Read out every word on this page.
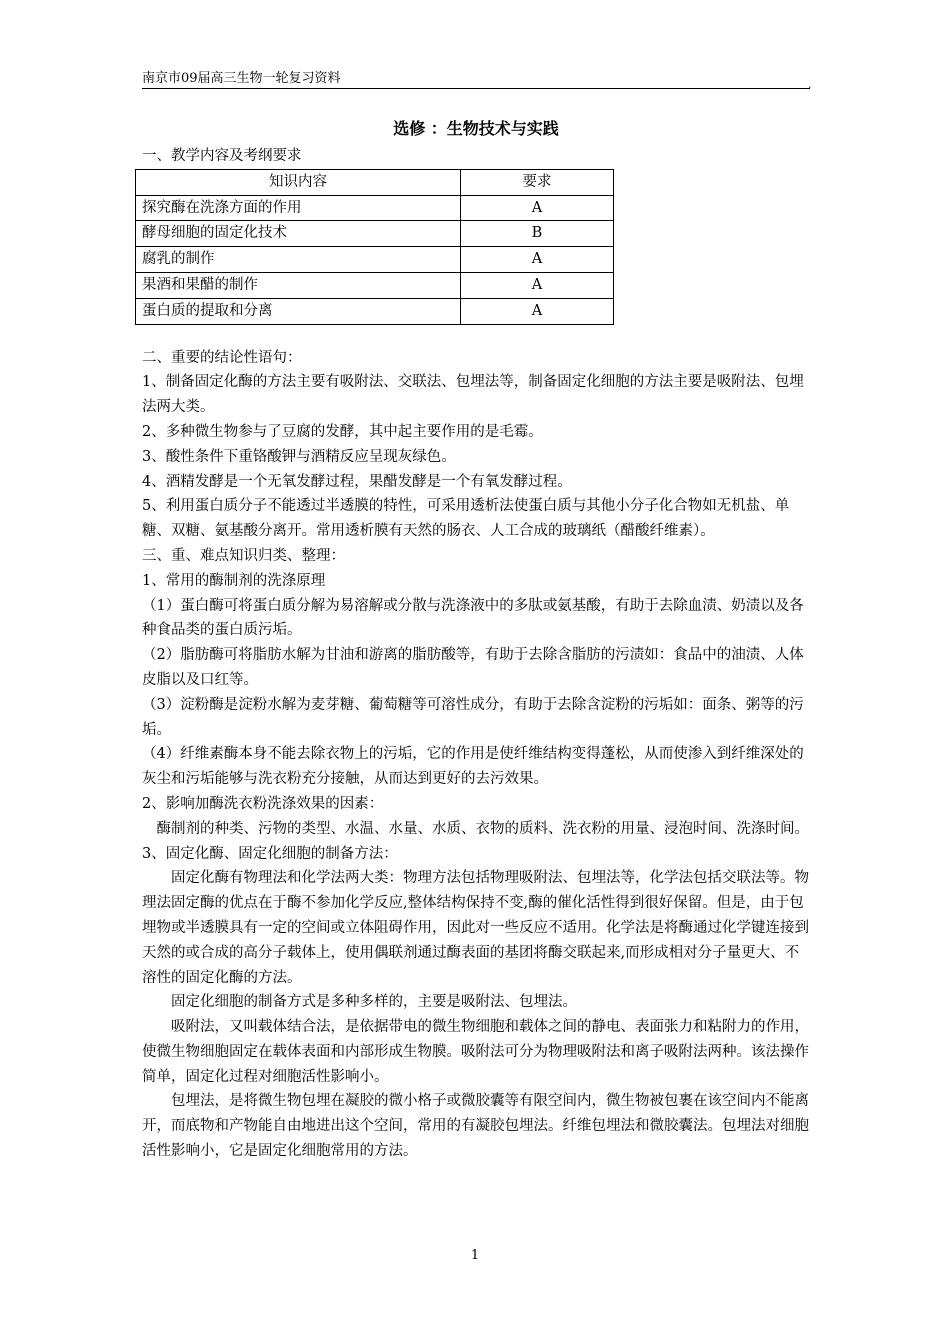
南京市09届高三生物一轮复习资料	,
选修 ：生物技术与实践

一、教学内容及考纲要求

知识内容	要求
探究酶在洗涤方面的作用	A
酵母细胞的固定化技术	B
腐乳的制作	A
果酒和果醋的制作	A
蛋白质的提取和分离	A

二、重要的结论性语句：

1、制备固定化酶的方法主要有吸附法、交联法、包埋法等，制备固定化细胞的方法主要是吸附法、包埋法两大类。

2、多种微生物参与了豆腐的发酵，其中起主要作用的是毛霉。

3、酸性条件下重铬酸钾与酒精反应呈现灰绿色。

4、酒精发酵是一个无氧发酵过程，果醋发酵是一个有氧发酵过程。

5、利用蛋白质分子不能透过半透膜的特性，可采用透析法使蛋白质与其他小分子化合物如无机盐、单糖、双糖、氨基酸分离开。常用透析膜有天然的肠衣、人工合成的玻璃纸（醋酸纤维素）。

三、重、难点知识归类、整理：

1、常用的酶制剂的洗涤原理

（1）蛋白酶可将蛋白质分解为易溶解或分散与洗涤液中的多肽或氨基酸，有助于去除血渍、奶渍以及各种食品类的蛋白质污垢。

（2）脂肪酶可将脂肪水解为甘油和游离的脂肪酸等，有助于去除含脂肪的污渍如：食品中的油渍、人体皮脂以及口红等。

（3）淀粉酶是淀粉水解为麦芽糖、葡萄糖等可溶性成分，有助于去除含淀粉的污垢如：面条、粥等的污垢。

（4）纤维素酶本身不能去除衣物上的污垢，它的作用是使纤维结构变得蓬松，从而使渗入到纤维深处的灰尘和污垢能够与洗衣粉充分接触，从而达到更好的去污效果。

2、影响加酶洗衣粉洗涤效果的因素：

酶制剂的种类、污物的类型、水温、水量、水质、衣物的质料、洗衣粉的用量、浸泡时间、洗涤时间。

3、固定化酶、固定化细胞的制备方法：

固定化酶有物理法和化学法两大类：物理方法包括物理吸附法、包埋法等，化学法包括交联法等。物理法固定酶的优点在于酶不参加化学反应,整体结构保持不变,酶的催化活性得到很好保留。但是，由于包埋物或半透膜具有一定的空间或立体阻碍作用，因此对一些反应不适用。化学法是将酶通过化学键连接到天然的或合成的高分子载体上，使用偶联剂通过酶表面的基团将酶交联起来,而形成相对分子量更大、不溶性的固定化酶的方法。

固定化细胞的制备方式是多种多样的，主要是吸附法、包埋法。

吸附法，又叫载体结合法，是依据带电的微生物细胞和载体之间的静电、表面张力和粘附力的作用，使微生物细胞固定在载体表面和内部形成生物膜。吸附法可分为物理吸附法和离子吸附法两种。该法操作简单，固定化过程对细胞活性影响小。

包埋法，是将微生物包埋在凝胶的微小格子或微胶囊等有限空间内，微生物被包裹在该空间内不能离开，而底物和产物能自由地进出这个空间，常用的有凝胶包埋法。纤维包埋法和微胶囊法。包埋法对细胞活性影响小，它是固定化细胞常用的方法。

1
